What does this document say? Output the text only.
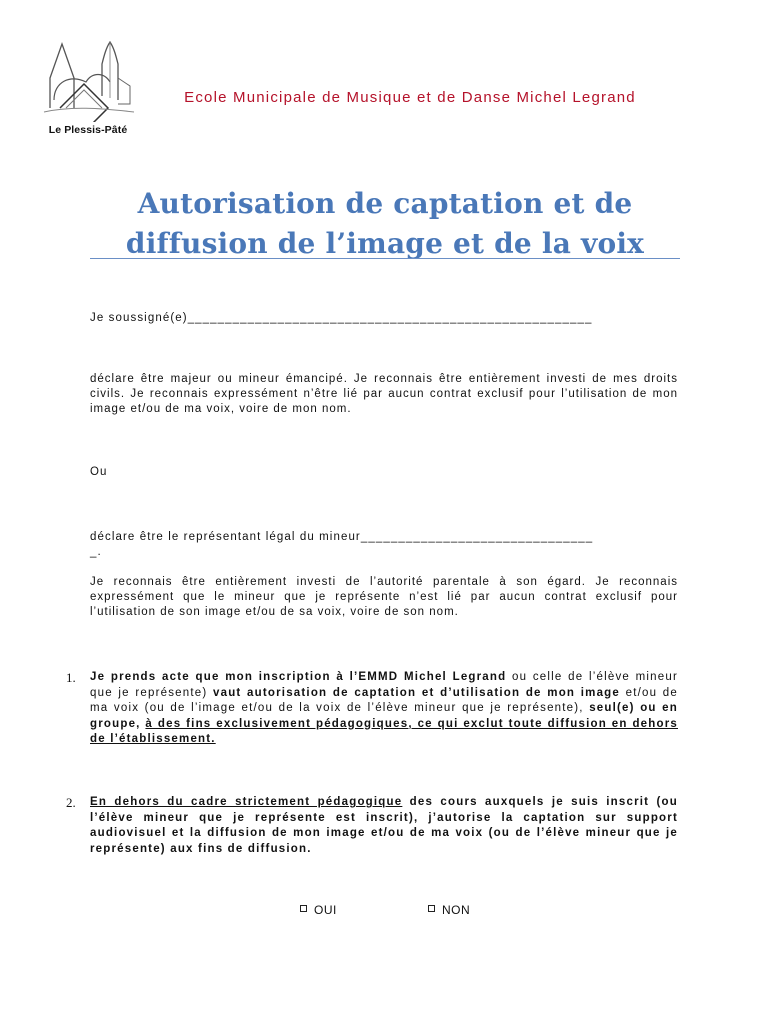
Le Plessis-Pâté
Ecole Municipale de Musique et de Danse Michel Legrand
Autorisation de captation et de diffusion de l’image et de la voix
Je soussigné(e)______________________________________________________
déclare être majeur ou mineur émancipé. Je reconnais être entièrement investi de mes droits civils. Je reconnais expressément n’être lié par aucun contrat exclusif pour l’utilisation de mon image et/ou de ma voix, voire de mon nom.
Ou
déclare être le représentant légal du mineur_______________________________
_.
Je reconnais être entièrement investi de l’autorité parentale à son égard. Je reconnais expressément que le mineur que je représente n’est lié par aucun contrat exclusif pour l’utilisation de son image et/ou de sa voix, voire de son nom.
1. Je prends acte que mon inscription à l’EMMD Michel Legrand ou celle de l’élève mineur que je représente) vaut autorisation de captation et d’utilisation de mon image et/ou de ma voix (ou de l’image et/ou de la voix de l’élève mineur que je représente), seul(e) ou en groupe, à des fins exclusivement pédagogiques, ce qui exclut toute diffusion en dehors de l’établissement.
2. En dehors du cadre strictement pédagogique des cours auxquels je suis inscrit (ou l’élève mineur que je représente est inscrit), j’autorise la captation sur support audiovisuel et la diffusion de mon image et/ou de ma voix (ou de l’élève mineur que je représente) aux fins de diffusion.
OUI	NON
